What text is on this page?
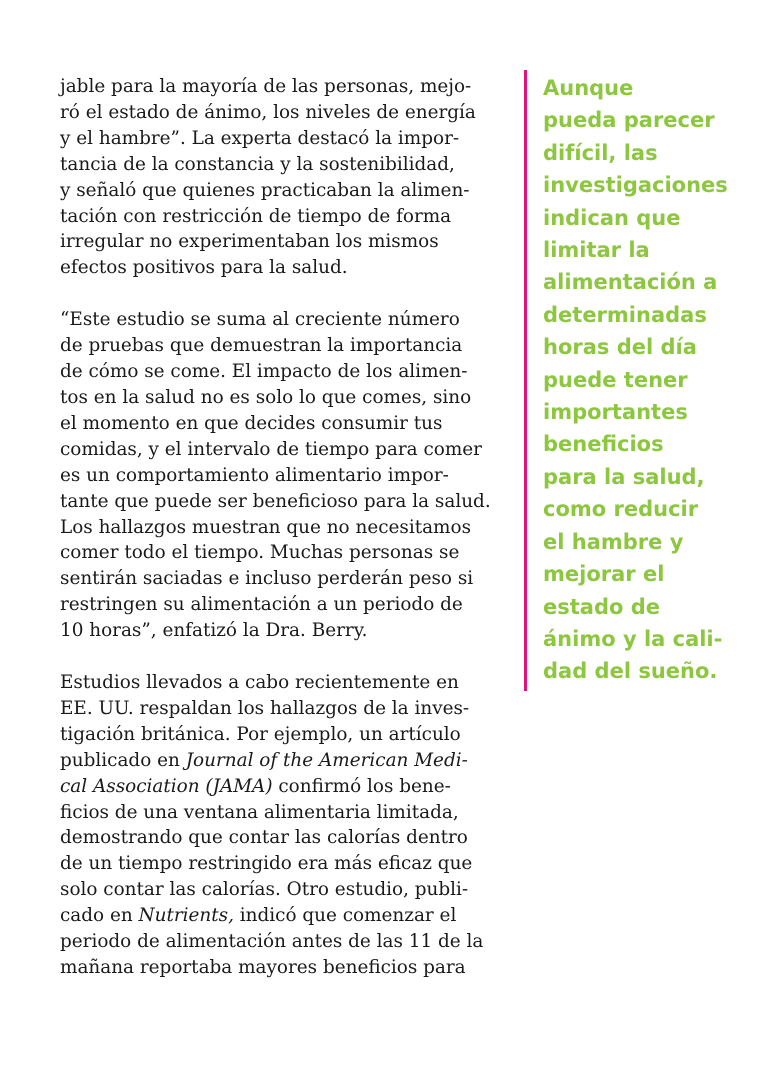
jable para la mayoría de las personas, mejo-
ró el estado de ánimo, los niveles de energía
y el hambre”. La experta destacó la impor-
tancia de la constancia y la sostenibilidad,
y señaló que quienes practicaban la alimen-
tación con restricción de tiempo de forma
irregular no experimentaban los mismos
efectos positivos para la salud.

“Este estudio se suma al creciente número
de pruebas que demuestran la importancia
de cómo se come. El impacto de los alimen-
tos en la salud no es solo lo que comes, sino
el momento en que decides consumir tus
comidas, y el intervalo de tiempo para comer
es un comportamiento alimentario impor-
tante que puede ser beneficioso para la salud.
Los hallazgos muestran que no necesitamos
comer todo el tiempo. Muchas personas se
sentirán saciadas e incluso perderán peso si
restringen su alimentación a un periodo de
10 horas”, enfatizó la Dra. Berry.

Estudios llevados a cabo recientemente en
EE. UU. respaldan los hallazgos de la inves-
tigación británica. Por ejemplo, un artículo
publicado en Journal of the American Medi-
cal Association (JAMA) confirmó los bene-
ficios de una ventana alimentaria limitada,
demostrando que contar las calorías dentro
de un tiempo restringido era más eficaz que
solo contar las calorías. Otro estudio, publi-
cado en Nutrients, indicó que comenzar el
periodo de alimentación antes de las 11 de la
mañana reportaba mayores beneficios para

Aunque
pueda parecer
difícil, las
investigaciones
indican que
limitar la
alimentación a
determinadas
horas del día
puede tener
importantes
beneficios
para la salud,
como reducir
el hambre y
mejorar el
estado de
ánimo y la cali-
dad del sueño.
